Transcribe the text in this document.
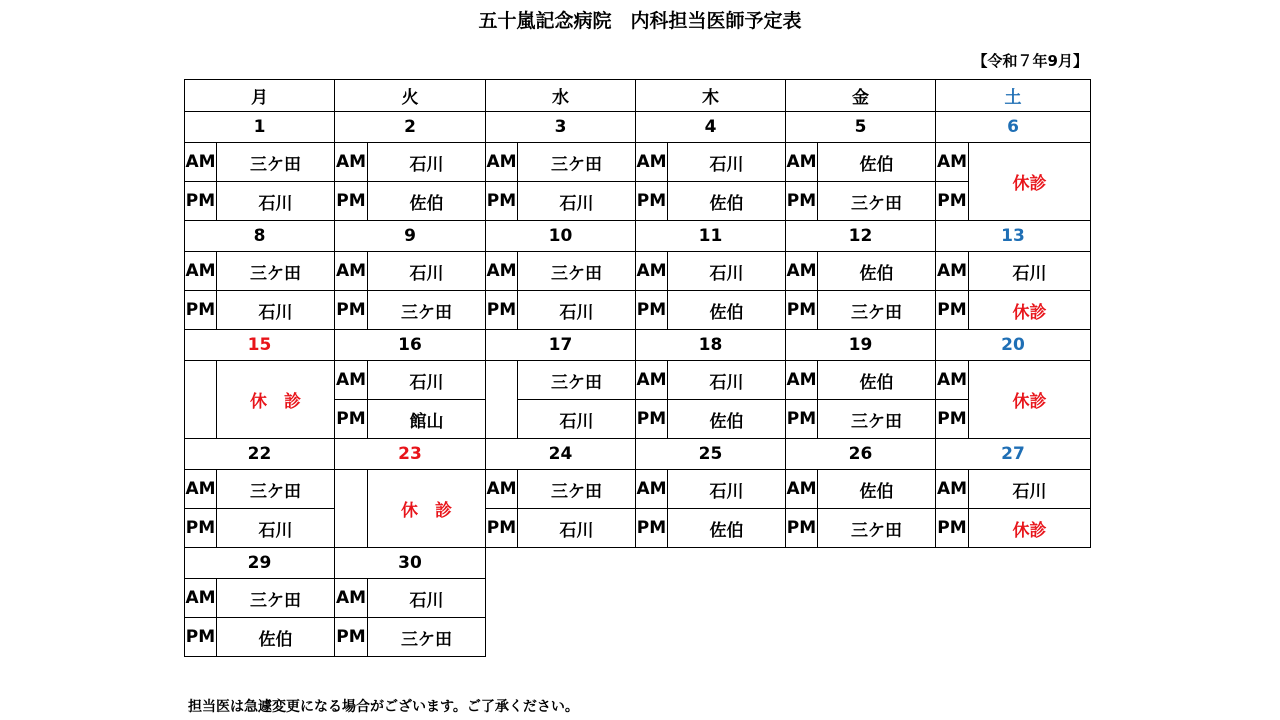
五十嵐記念病院　内科担当医師予定表
【令和７年9月】
月		火		水		木		金		土	
1		2		3		4		5		6	
AM	三ケ田	AM	石川	AM	三ケ田	AM	石川	AM	佐伯	AM	休診
PM	石川	PM	佐伯	PM	石川	PM	佐伯	PM	三ケ田	PM	
8		9		10		11		12		13	
AM	三ケ田	AM	石川	AM	三ケ田	AM	石川	AM	佐伯	AM	石川
PM	石川	PM	三ケ田	PM	石川	PM	佐伯	PM	三ケ田	PM	休診
15		16		17		18		19		20	
	休　診	AM	石川		三ケ田	AM	石川	AM	佐伯	AM	休診
		PM	館山		石川	PM	佐伯	PM	三ケ田	PM	
22		23		24		25		26		27	
AM	三ケ田		休　診	AM	三ケ田	AM	石川	AM	佐伯	AM	石川
PM	石川			PM	石川	PM	佐伯	PM	三ケ田	PM	休診
29		30									
AM	三ケ田	AM	石川								
PM	佐伯	PM	三ケ田								
担当医は急遽変更になる場合がございます。ご了承ください。
